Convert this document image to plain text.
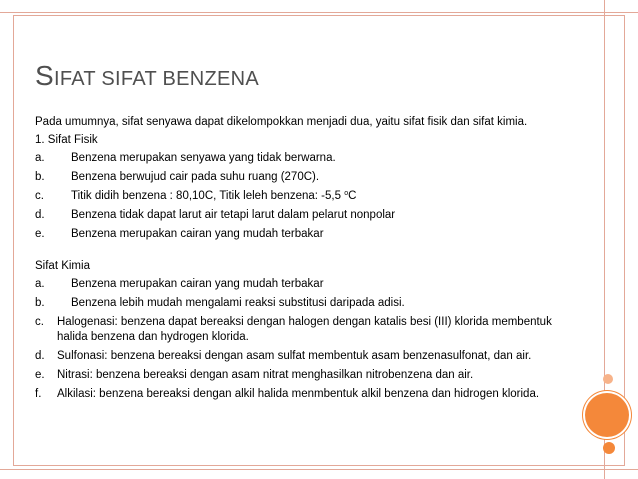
SIFAT SIFAT BENZENA

Pada umumnya, sifat senyawa dapat dikelompokkan menjadi dua, yaitu sifat fisik dan sifat kimia.

1. Sifat Fisik

a.	Benzena merupakan senyawa yang tidak berwarna.
b.	Benzena berwujud cair pada suhu ruang (270C).
c.	Titik didih benzena : 80,10C, Titik leleh benzena: -5,5 $^o$C
d.	Benzena tidak dapat larut air tetapi larut dalam pelarut nonpolar
e.	Benzena merupakan cairan yang mudah terbakar

Sifat Kimia

a.	Benzena merupakan cairan yang mudah terbakar
b.	Benzena lebih mudah mengalami reaksi substitusi daripada adisi.

c. Halogenasi: benzena dapat bereaksi dengan halogen dengan katalis besi (III) klorida membentuk halida benzena dan hydrogen klorida.

d. Sulfonasi: benzena bereaksi dengan asam sulfat membentuk asam benzenasulfonat, dan air.

e. Nitrasi: benzena bereaksi dengan asam nitrat menghasilkan nitrobenzena dan air.

f. Alkilasi: benzena bereaksi dengan alkil halida menmbentuk alkil benzena dan hidrogen klorida.
